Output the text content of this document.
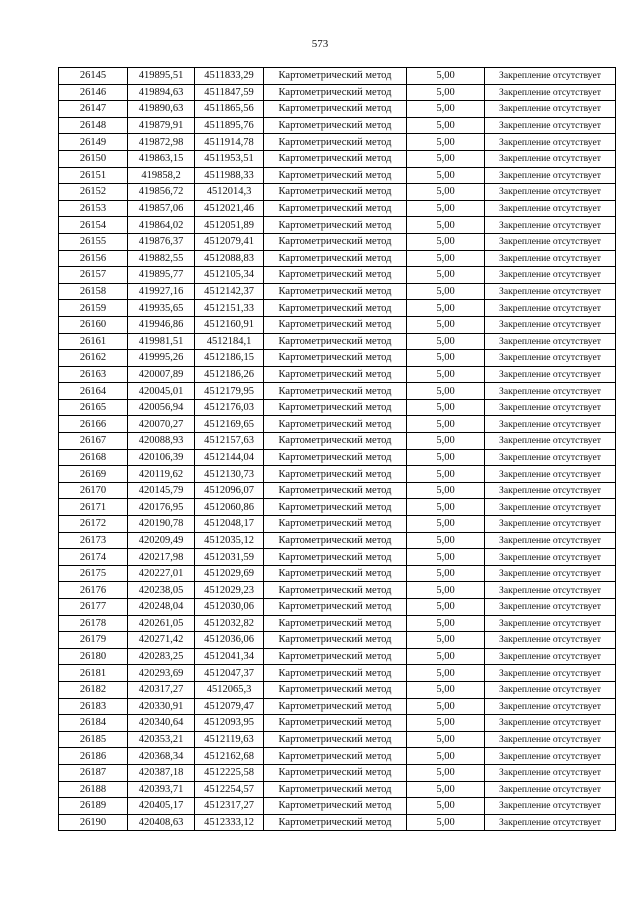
573
26145	419895,51	4511833,29	Картометрический метод	5,00	Закрепление отсутствует
26146	419894,63	4511847,59	Картометрический метод	5,00	Закрепление отсутствует
26147	419890,63	4511865,56	Картометрический метод	5,00	Закрепление отсутствует
26148	419879,91	4511895,76	Картометрический метод	5,00	Закрепление отсутствует
26149	419872,98	4511914,78	Картометрический метод	5,00	Закрепление отсутствует
26150	419863,15	4511953,51	Картометрический метод	5,00	Закрепление отсутствует
26151	419858,2	4511988,33	Картометрический метод	5,00	Закрепление отсутствует
26152	419856,72	4512014,3	Картометрический метод	5,00	Закрепление отсутствует
26153	419857,06	4512021,46	Картометрический метод	5,00	Закрепление отсутствует
26154	419864,02	4512051,89	Картометрический метод	5,00	Закрепление отсутствует
26155	419876,37	4512079,41	Картометрический метод	5,00	Закрепление отсутствует
26156	419882,55	4512088,83	Картометрический метод	5,00	Закрепление отсутствует
26157	419895,77	4512105,34	Картометрический метод	5,00	Закрепление отсутствует
26158	419927,16	4512142,37	Картометрический метод	5,00	Закрепление отсутствует
26159	419935,65	4512151,33	Картометрический метод	5,00	Закрепление отсутствует
26160	419946,86	4512160,91	Картометрический метод	5,00	Закрепление отсутствует
26161	419981,51	4512184,1	Картометрический метод	5,00	Закрепление отсутствует
26162	419995,26	4512186,15	Картометрический метод	5,00	Закрепление отсутствует
26163	420007,89	4512186,26	Картометрический метод	5,00	Закрепление отсутствует
26164	420045,01	4512179,95	Картометрический метод	5,00	Закрепление отсутствует
26165	420056,94	4512176,03	Картометрический метод	5,00	Закрепление отсутствует
26166	420070,27	4512169,65	Картометрический метод	5,00	Закрепление отсутствует
26167	420088,93	4512157,63	Картометрический метод	5,00	Закрепление отсутствует
26168	420106,39	4512144,04	Картометрический метод	5,00	Закрепление отсутствует
26169	420119,62	4512130,73	Картометрический метод	5,00	Закрепление отсутствует
26170	420145,79	4512096,07	Картометрический метод	5,00	Закрепление отсутствует
26171	420176,95	4512060,86	Картометрический метод	5,00	Закрепление отсутствует
26172	420190,78	4512048,17	Картометрический метод	5,00	Закрепление отсутствует
26173	420209,49	4512035,12	Картометрический метод	5,00	Закрепление отсутствует
26174	420217,98	4512031,59	Картометрический метод	5,00	Закрепление отсутствует
26175	420227,01	4512029,69	Картометрический метод	5,00	Закрепление отсутствует
26176	420238,05	4512029,23	Картометрический метод	5,00	Закрепление отсутствует
26177	420248,04	4512030,06	Картометрический метод	5,00	Закрепление отсутствует
26178	420261,05	4512032,82	Картометрический метод	5,00	Закрепление отсутствует
26179	420271,42	4512036,06	Картометрический метод	5,00	Закрепление отсутствует
26180	420283,25	4512041,34	Картометрический метод	5,00	Закрепление отсутствует
26181	420293,69	4512047,37	Картометрический метод	5,00	Закрепление отсутствует
26182	420317,27	4512065,3	Картометрический метод	5,00	Закрепление отсутствует
26183	420330,91	4512079,47	Картометрический метод	5,00	Закрепление отсутствует
26184	420340,64	4512093,95	Картометрический метод	5,00	Закрепление отсутствует
26185	420353,21	4512119,63	Картометрический метод	5,00	Закрепление отсутствует
26186	420368,34	4512162,68	Картометрический метод	5,00	Закрепление отсутствует
26187	420387,18	4512225,58	Картометрический метод	5,00	Закрепление отсутствует
26188	420393,71	4512254,57	Картометрический метод	5,00	Закрепление отсутствует
26189	420405,17	4512317,27	Картометрический метод	5,00	Закрепление отсутствует
26190	420408,63	4512333,12	Картометрический метод	5,00	Закрепление отсутствует
